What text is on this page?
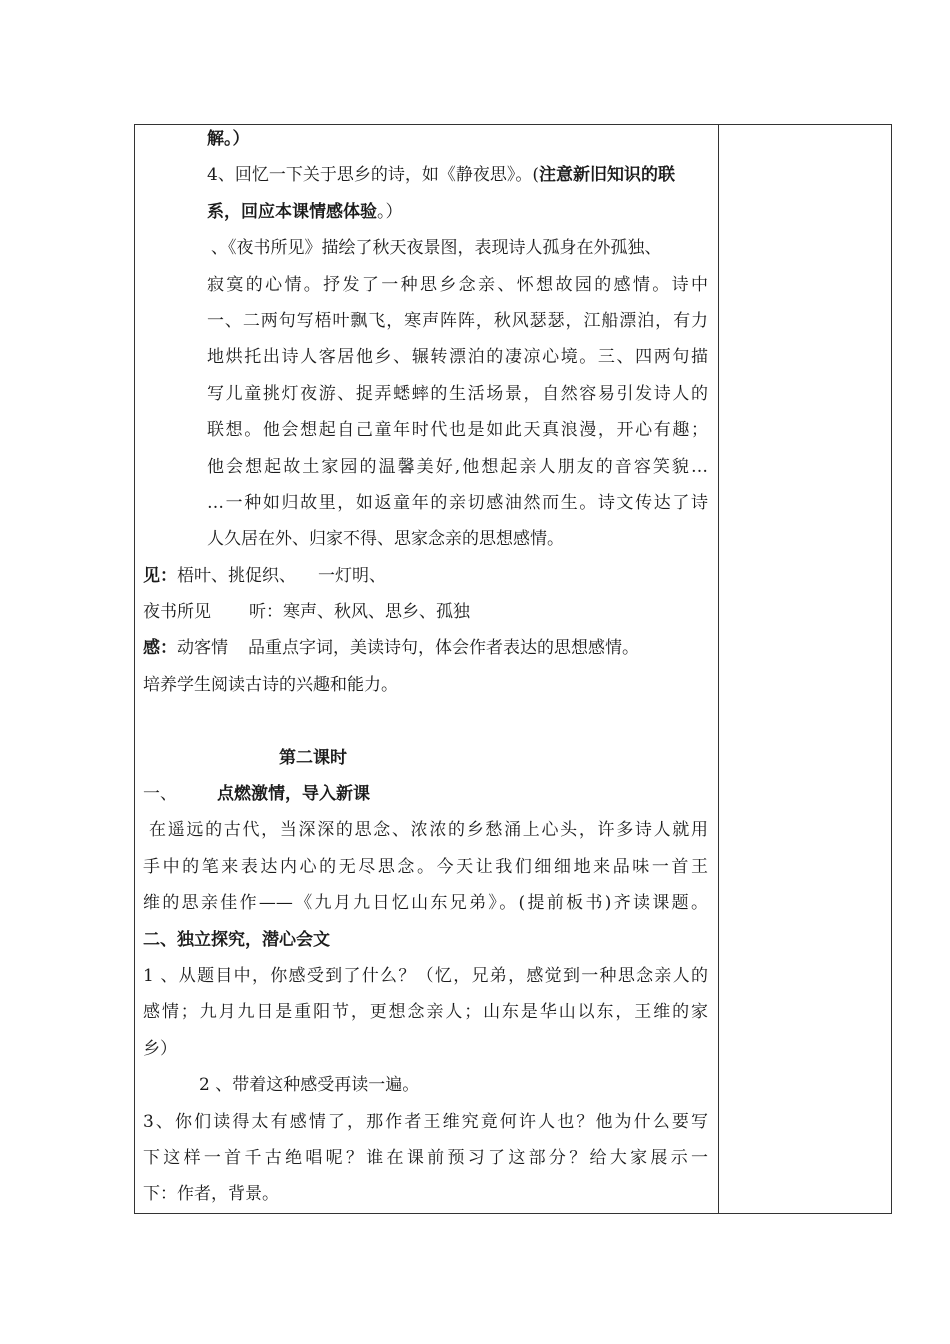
解。）
4、回忆一下关于思乡的诗，如《静夜思》。(注意新旧知识的联
系，回应本课情感体验。）
、《夜书所见》描绘了秋天夜景图，表现诗人孤身在外孤独、
寂寞的心情。抒发了一种思乡念亲、怀想故园的感情。诗中
一、二两句写梧叶飘飞，寒声阵阵，秋风瑟瑟，江船漂泊，有力
地烘托出诗人客居他乡、辗转漂泊的凄凉心境。三、四两句描
写儿童挑灯夜游、捉弄蟋蟀的生活场景，自然容易引发诗人的
联想。他会想起自己童年时代也是如此天真浪漫，开心有趣；
他会想起故土家园的温馨美好,他想起亲人朋友的音容笑貌…
…一种如归故里，如返童年的亲切感油然而生。诗文传达了诗
人久居在外、归家不得、思家念亲的思想感情。
见：梧叶、挑促织、 一灯明、
夜书所见 听：寒声、秋风、思乡、孤独
感：动客情 品重点字词，美读诗句，体会作者表达的思想感情。
培养学生阅读古诗的兴趣和能力。
第二课时
一、 点燃激情，导入新课
在遥远的古代，当深深的思念、浓浓的乡愁涌上心头，许多诗人就用
手中的笔来表达内心的无尽思念。今天让我们细细地来品味一首王
维的思亲佳作——《九月九日忆山东兄弟》。(提前板书)齐读课题。
二、独立探究，潜心会文
1 、从题目中，你感受到了什么？（忆，兄弟，感觉到一种思念亲人的
感情；九月九日是重阳节，更想念亲人；山东是华山以东，王维的家
乡）
2 、带着这种感受再读一遍。
3、你们读得太有感情了，那作者王维究竟何许人也？他为什么要写
下这样一首千古绝唱呢？谁在课前预习了这部分？给大家展示一
下：作者，背景。
